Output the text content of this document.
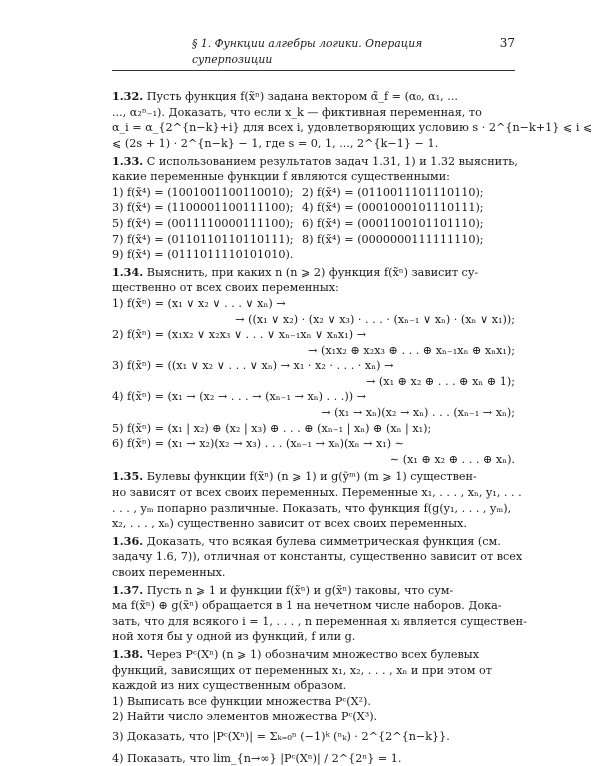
§ 1. Функции алгебры логики. Операция суперпозиции
37
1.32. Пусть функция f(x̃ⁿ) задана вектором α̃_f = (α₀, α₁, ...
..., α₂ⁿ₋₁). Доказать, что если x_k — фиктивная переменная, то
α_i = α_{2^{n−k}+i} для всех i, удовлетворяющих условию s · 2^{n−k+1} ⩽ i ⩽
⩽ (2s + 1) · 2^{n−k} − 1, где s = 0, 1, ..., 2^{k−1} − 1.
1.33. С использованием результатов задач 1.31, 1) и 1.32 выяснить,
какие переменные функции f являются существенными:
1) f(x̃⁴) = (1001001100110010); 2) f(x̃⁴) = (0110011101110110);
3) f(x̃⁴) = (1100001100111100); 4) f(x̃⁴) = (0001000101110111);
5) f(x̃⁴) = (0011110000111100); 6) f(x̃⁴) = (0001100101101110);
7) f(x̃⁴) = (0110110110110111); 8) f(x̃⁴) = (0000000111111110);
9) f(x̃⁴) = (0111011110101010).
1.34. Выяснить, при каких n (n ⩾ 2) функция f(x̃ⁿ) зависит су-
щественно от всех своих переменных:
1) f(x̃ⁿ) = (x₁ ∨ x₂ ∨ . . . ∨ xₙ) →
→ ((x₁ ∨ x₂) · (x₂ ∨ x₃) · . . . · (xₙ₋₁ ∨ xₙ) · (xₙ ∨ x₁));
2) f(x̃ⁿ) = (x₁x₂ ∨ x₂x₃ ∨ . . . ∨ xₙ₋₁xₙ ∨ xₙx₁) →
→ (x₁x₂ ⊕ x₂x₃ ⊕ . . . ⊕ xₙ₋₁xₙ ⊕ xₙx₁);
3) f(x̃ⁿ) = ((x₁ ∨ x₂ ∨ . . . ∨ xₙ) → x₁ · x₂ · . . . · xₙ) →
→ (x₁ ⊕ x₂ ⊕ . . . ⊕ xₙ ⊕ 1);
4) f(x̃ⁿ) = (x₁ → (x₂ → . . . → (xₙ₋₁ → xₙ) . . .)) →
→ (x₁ → xₙ)(x₂ → xₙ) . . . (xₙ₋₁ → xₙ);
5) f(x̃ⁿ) = (x₁ | x₂) ⊕ (x₂ | x₃) ⊕ . . . ⊕ (xₙ₋₁ | xₙ) ⊕ (xₙ | x₁);
6) f(x̃ⁿ) = (x₁ → x₂)(x₂ → x₃) . . . (xₙ₋₁ → xₙ)(xₙ → x₁) ∼
∼ (x₁ ⊕ x₂ ⊕ . . . ⊕ xₙ).
1.35. Булевы функции f(x̃ⁿ) (n ⩾ 1) и g(ỹᵐ) (m ⩾ 1) существен-
но зависят от всех своих переменных. Переменные x₁, . . . , xₙ, y₁, . . .
. . . , yₘ попарно различные. Показать, что функция f(g(y₁, . . . , yₘ),
x₂, . . . , xₙ) существенно зависит от всех своих переменных.
1.36. Доказать, что всякая булева симметрическая функция (см.
задачу 1.6, 7)), отличная от константы, существенно зависит от всех
своих переменных.
1.37. Пусть n ⩾ 1 и функции f(x̃ⁿ) и g(x̃ⁿ) таковы, что сум-
ма f(x̃ⁿ) ⊕ g(x̃ⁿ) обращается в 1 на нечетном числе наборов. Дока-
зать, что для всякого i = 1, . . . , n переменная xᵢ является существен-
ной хотя бы у одной из функций, f или g.
1.38. Через Pᶜ(Xⁿ) (n ⩾ 1) обозначим множество всех булевых
функций, зависящих от переменных x₁, x₂, . . . , xₙ и при этом от
каждой из них существенным образом.
1) Выписать все функции множества Pᶜ(X²).
2) Найти число элементов множества Pᶜ(X³).
3) Доказать, что |Pᶜ(Xⁿ)| = Σₖ₌₀ⁿ (−1)ᵏ (ⁿₖ) · 2^{2^{n−k}}.
4) Показать, что lim_{n→∞} |Pᶜ(Xⁿ)| / 2^{2ⁿ} = 1.
